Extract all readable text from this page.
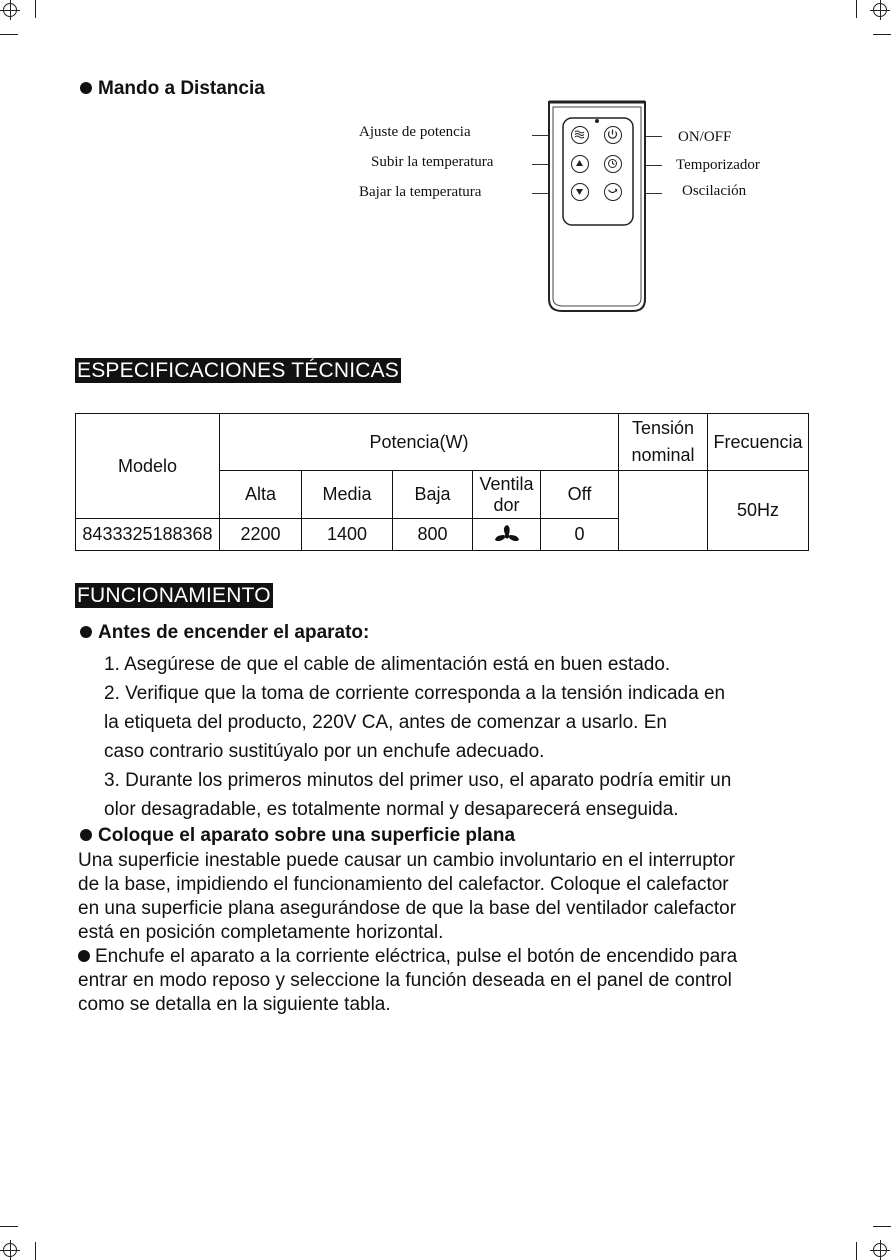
Mando a Distancia
Ajuste de potencia
Subir la temperatura
Bajar la temperatura
ON/OFF
Temporizador
Oscilación
ESPECIFICACIONES TÉCNICAS
Modelo	Potencia(W)					Tensión nominal	Frecuencia
	Alta	Media	Baja	Ventila dor	Off		50Hz
8433325188368	2200	1400	800		0		
FUNCIONAMIENTO
Antes de encender el aparato:
1. Asegúrese de que el cable de alimentación está en buen estado.
2. Verifique que la toma de corriente corresponda a la tensión indicada en
la etiqueta del producto, 220V CA, antes de comenzar a usarlo. En
caso contrario sustitúyalo por un enchufe adecuado.
3. Durante los primeros minutos del primer uso, el aparato podría emitir un
olor desagradable, es totalmente normal y desaparecerá enseguida.
Coloque el aparato sobre una superficie plana
Una superficie inestable puede causar un cambio involuntario en el interruptor
de la base, impidiendo el funcionamiento del calefactor. Coloque el calefactor
en una superficie plana asegurándose de que la base del ventilador calefactor
está en posición completamente horizontal.
Enchufe el aparato a la corriente eléctrica, pulse el botón de encendido para
entrar en modo reposo y seleccione la función deseada en el panel de control
como se detalla en la siguiente tabla.
